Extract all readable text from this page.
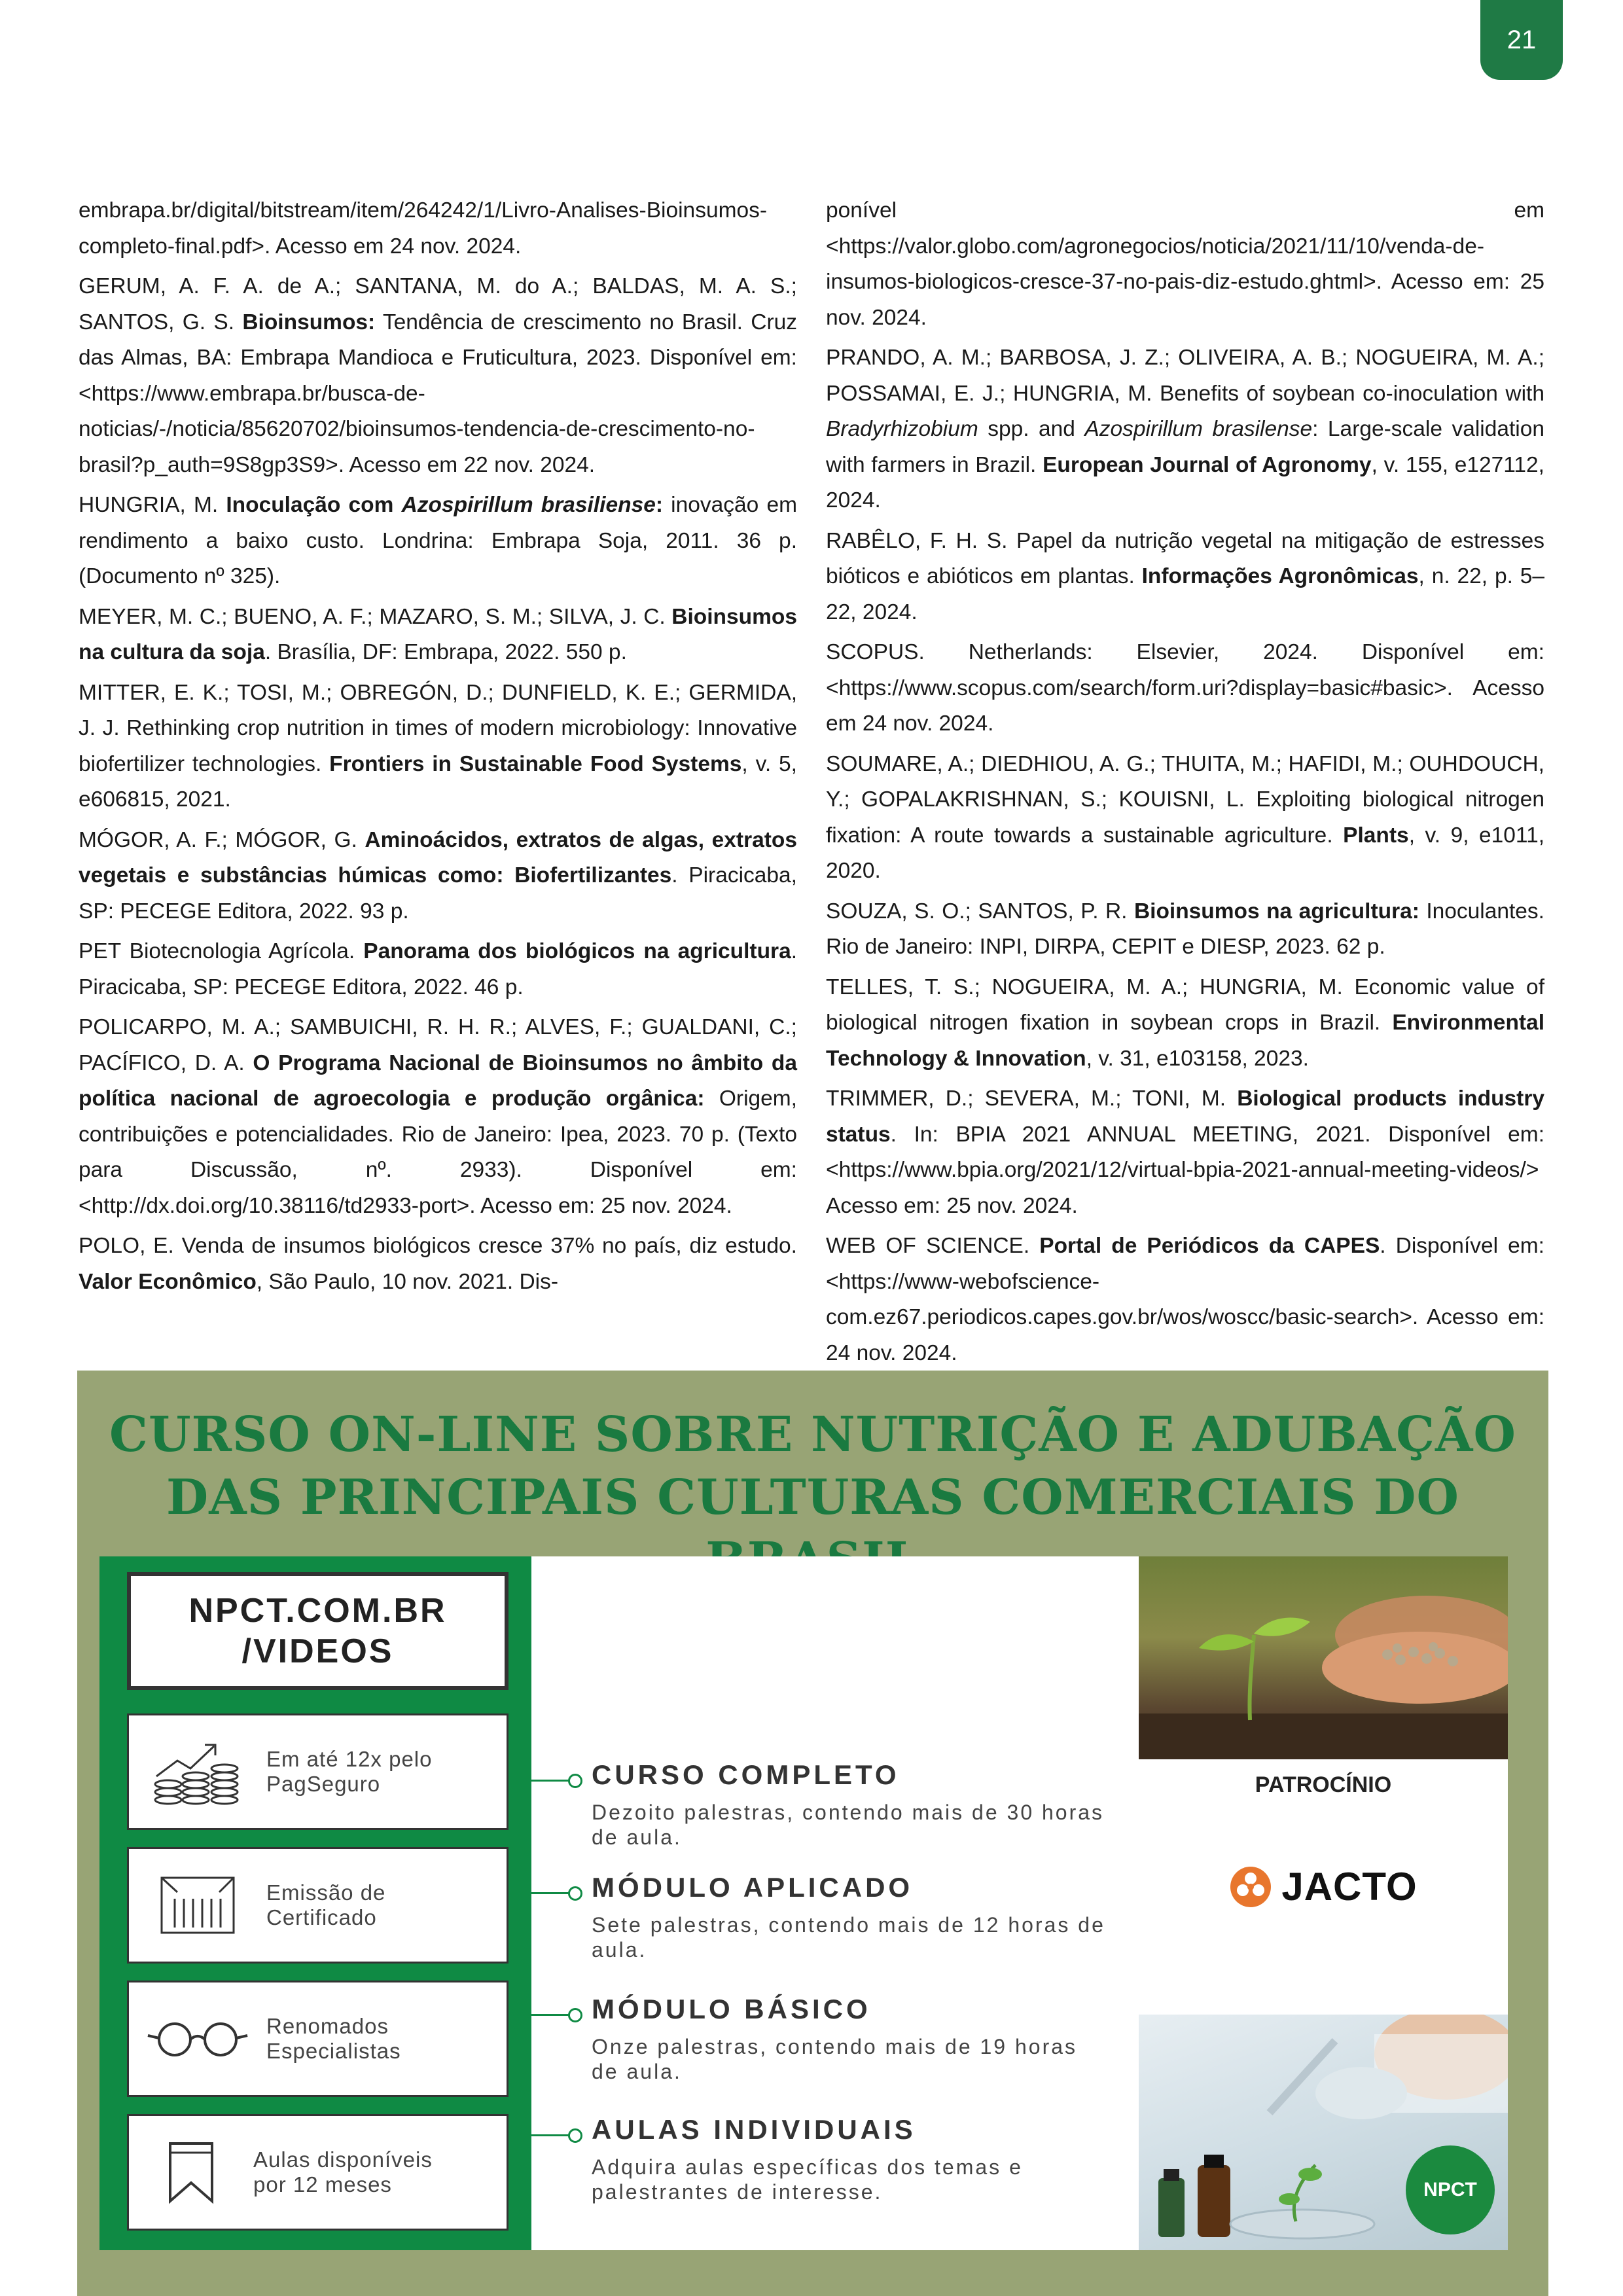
21

embrapa.br/digital/bitstream/item/264242/1/Livro-Analises-Bioinsumos-completo-final.pdf>. Acesso em 24 nov. 2024.

GERUM, A. F. A. de A.; SANTANA, M. do A.; BALDAS, M. A. S.; SANTOS, G. S. Bioinsumos: Tendência de crescimento no Brasil. Cruz das Almas, BA: Embrapa Mandioca e Fruticultura, 2023. Disponível em: <https://www.embrapa.br/busca-de-noticias/-/noticia/85620702/bioinsumos-tendencia-de-crescimento-no-brasil?p_auth=9S8gp3S9>. Acesso em 22 nov. 2024.

HUNGRIA, M. Inoculação com Azospirillum brasiliense: inovação em rendimento a baixo custo. Londrina: Embrapa Soja, 2011. 36 p. (Documento nº 325).

MEYER, M. C.; BUENO, A. F.; MAZARO, S. M.; SILVA, J. C. Bioinsumos na cultura da soja. Brasília, DF: Embrapa, 2022. 550 p.

MITTER, E. K.; TOSI, M.; OBREGÓN, D.; DUNFIELD, K. E.; GERMIDA, J. J. Rethinking crop nutrition in times of modern microbiology: Innovative biofertilizer technologies. Frontiers in Sustainable Food Systems, v. 5, e606815, 2021.

MÓGOR, A. F.; MÓGOR, G. Aminoácidos, extratos de algas, extratos vegetais e substâncias húmicas como: Biofertilizantes. Piracicaba, SP: PECEGE Editora, 2022. 93 p.

PET Biotecnologia Agrícola. Panorama dos biológicos na agricultura. Piracicaba, SP: PECEGE Editora, 2022. 46 p.

POLICARPO, M. A.; SAMBUICHI, R. H. R.; ALVES, F.; GUALDANI, C.; PACÍFICO, D. A. O Programa Nacional de Bioinsumos no âmbito da política nacional de agroecologia e produção orgânica: Origem, contribuições e potencialidades. Rio de Janeiro: Ipea, 2023. 70 p. (Texto para Discussão, nº. 2933). Disponível em: <http://dx.doi.org/10.38116/td2933-port>. Acesso em: 25 nov. 2024.

POLO, E. Venda de insumos biológicos cresce 37% no país, diz estudo. Valor Econômico, São Paulo, 10 nov. 2021. Dis-

ponível em <https://valor.globo.com/agronegocios/noticia/2021/11/10/venda-de-insumos-biologicos-cresce-37-no-pais-diz-estudo.ghtml>. Acesso em: 25 nov. 2024.

PRANDO, A. M.; BARBOSA, J. Z.; OLIVEIRA, A. B.; NOGUEIRA, M. A.; POSSAMAI, E. J.; HUNGRIA, M. Benefits of soybean co-inoculation with Bradyrhizobium spp. and Azospirillum brasilense: Large-scale validation with farmers in Brazil. European Journal of Agronomy, v. 155, e127112, 2024.

RABÊLO, F. H. S. Papel da nutrição vegetal na mitigação de estresses bióticos e abióticos em plantas. Informações Agronômicas, n. 22, p. 5–22, 2024.

SCOPUS. Netherlands: Elsevier, 2024. Disponível em: <https://www.scopus.com/search/form.uri?display=basic#basic>. Acesso em 24 nov. 2024.

SOUMARE, A.; DIEDHIOU, A. G.; THUITA, M.; HAFIDI, M.; OUHDOUCH, Y.; GOPALAKRISHNAN, S.; KOUISNI, L. Exploiting biological nitrogen fixation: A route towards a sustainable agriculture. Plants, v. 9, e1011, 2020.

SOUZA, S. O.; SANTOS, P. R. Bioinsumos na agricultura: Inoculantes. Rio de Janeiro: INPI, DIRPA, CEPIT e DIESP, 2023. 62 p.

TELLES, T. S.; NOGUEIRA, M. A.; HUNGRIA, M. Economic value of biological nitrogen fixation in soybean crops in Brazil. Environmental Technology & Innovation, v. 31, e103158, 2023.

TRIMMER, D.; SEVERA, M.; TONI, M. Biological products industry status. In: BPIA 2021 ANNUAL MEETING, 2021. Disponível em: <https://www.bpia.org/2021/12/virtual-bpia-2021-annual-meeting-videos/> Acesso em: 25 nov. 2024.

WEB OF SCIENCE. Portal de Periódicos da CAPES. Disponível em: <https://www-webofscience-com.ez67.periodicos.capes.gov.br/wos/woscc/basic-search>. Acesso em: 24 nov. 2024.

CURSO ON-LINE SOBRE NUTRIÇÃO E ADUBAÇÃO
DAS PRINCIPAIS CULTURAS COMERCIAIS DO
NPCT.COM.BR
/VIDEOS
Em até 12x pelo
PagSeguro
Emissão de
Certificado
Renomados
Especialistas
Aulas disponíveis
por 12 meses
CURSO COMPLETO
Dezoito palestras, contendo mais de 30 horas de aula.
MÓDULO APLICADO
Sete palestras, contendo mais de 12 horas de aula.
MÓDULO BÁSICO
Onze palestras, contendo mais de 19 horas de aula.
AULAS INDIVIDUAIS
Adquira aulas específicas dos temas e palestrantes de interesse.
PATROCÍNIO
JACTO
NPCT
